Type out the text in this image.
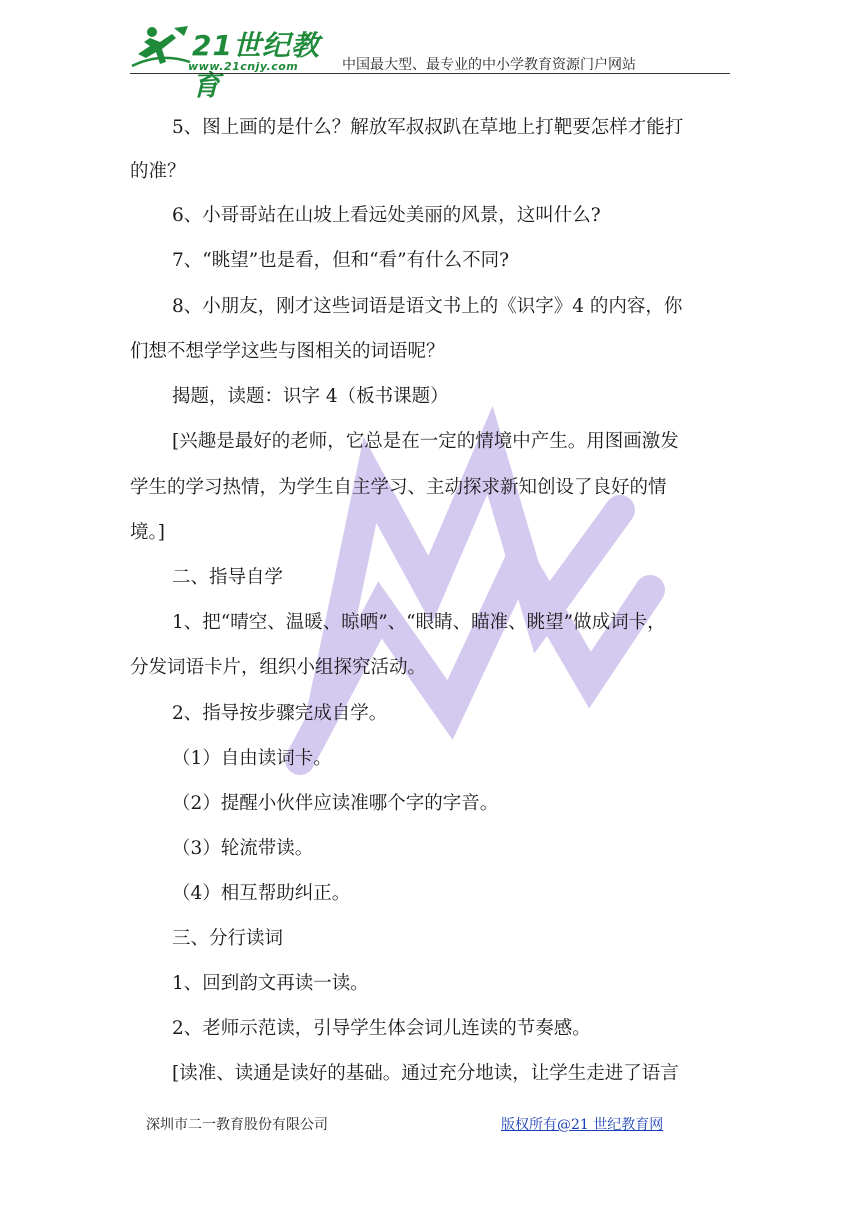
21世纪教育
www.21cnjy.com	中国最大型、最专业的中小学教育资源门户网站
5、图上画的是什么？解放军叔叔趴在草地上打靶要怎样才能打
的准？
6、小哥哥站在山坡上看远处美丽的风景，这叫什么?
7、“眺望”也是看，但和“看”有什么不同?
8、小朋友，刚才这些词语是语文书上的《识字》4 的内容，你
们想不想学学这些与图相关的词语呢？
揭题，读题：识字 4（板书课题）
[兴趣是最好的老师，它总是在一定的情境中产生。用图画激发
学生的学习热情，为学生自主学习、主动探求新知创设了良好的情
境。]
二、指导自学
1、把“晴空、温暖、晾晒”、“眼睛、瞄准、眺望”做成词卡，
分发词语卡片，组织小组探究活动。
2、指导按步骤完成自学。
（1）自由读词卡。
（2）提醒小伙伴应读准哪个字的字音。
（3）轮流带读。
（4）相互帮助纠正。
三、分行读词
1、回到韵文再读一读。
2、老师示范读，引导学生体会词儿连读的节奏感。
[读准、读通是读好的基础。通过充分地读，让学生走进了语言
深圳市二一教育股份有限公司	版权所有@21 世纪教育网
